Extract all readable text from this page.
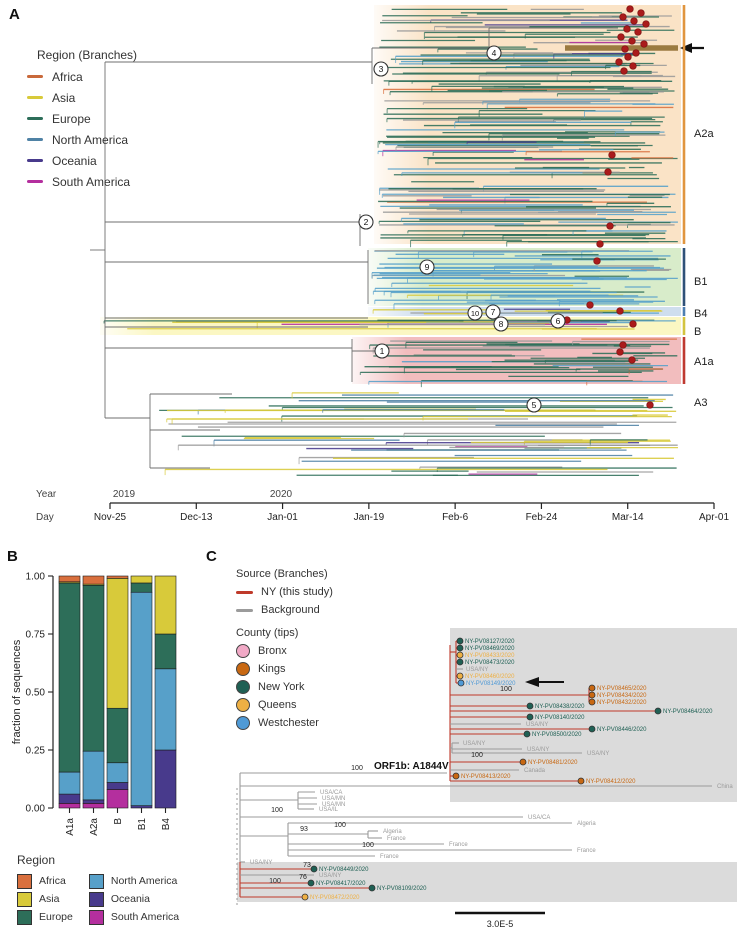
A2a
B1
B4
B
A1a
A3
1
2
3
4
5
6
7
8
9
10
Nov-25	Dec-13	Jan-01	Jan-19	Feb-6	Feb-24	Mar-14	Apr-01
Year	2019	2020
Day
0.00
0.25
0.50
0.75
1.00
fraction of sequences
A1a A2a B B1 B4
NY-PV08127/2020
NY-PV08469/2020
NY-PV08433/2020
NY-PV08473/2020
USA/NY
NY-PV08460/2020
NY-PV08149/2020
NY-PV08465/2020
NY-PV08434/2020
NY-PV08432/2020
NY-PV08438/2020
NY-PV08464/2020
NY-PV08140/2020
USA/NY
NY-PV08446/2020
NY-PV08500/2020
USA/NY
USA/NY
USA/NY
NY-PV08481/2020
Canada
NY-PV08413/2020
NY-PV08412/2020
China
USA/CA
USA/MN
USA/MN
USA/IL
USA/CA
Algeria
Algeria
France
France
France
France
USA/NY
NY-PV08449/2020
USA/NY
NY-PV08417/2020
NY-PV08109/2020
NY-PV08472/2020
100
100
100
100
100
93
100
73
76
100
ORF1b: A1844V
3.0E-5
A
B	C
Region (Branches)
Africa
Asia
Europe
North America
Oceania
South America
Region
Africa
Asia
Europe
North America
Oceania
South America
Source (Branches)
NY (this study)
Background
County (tips)
Bronx
Kings
New York
Queens
Westchester
